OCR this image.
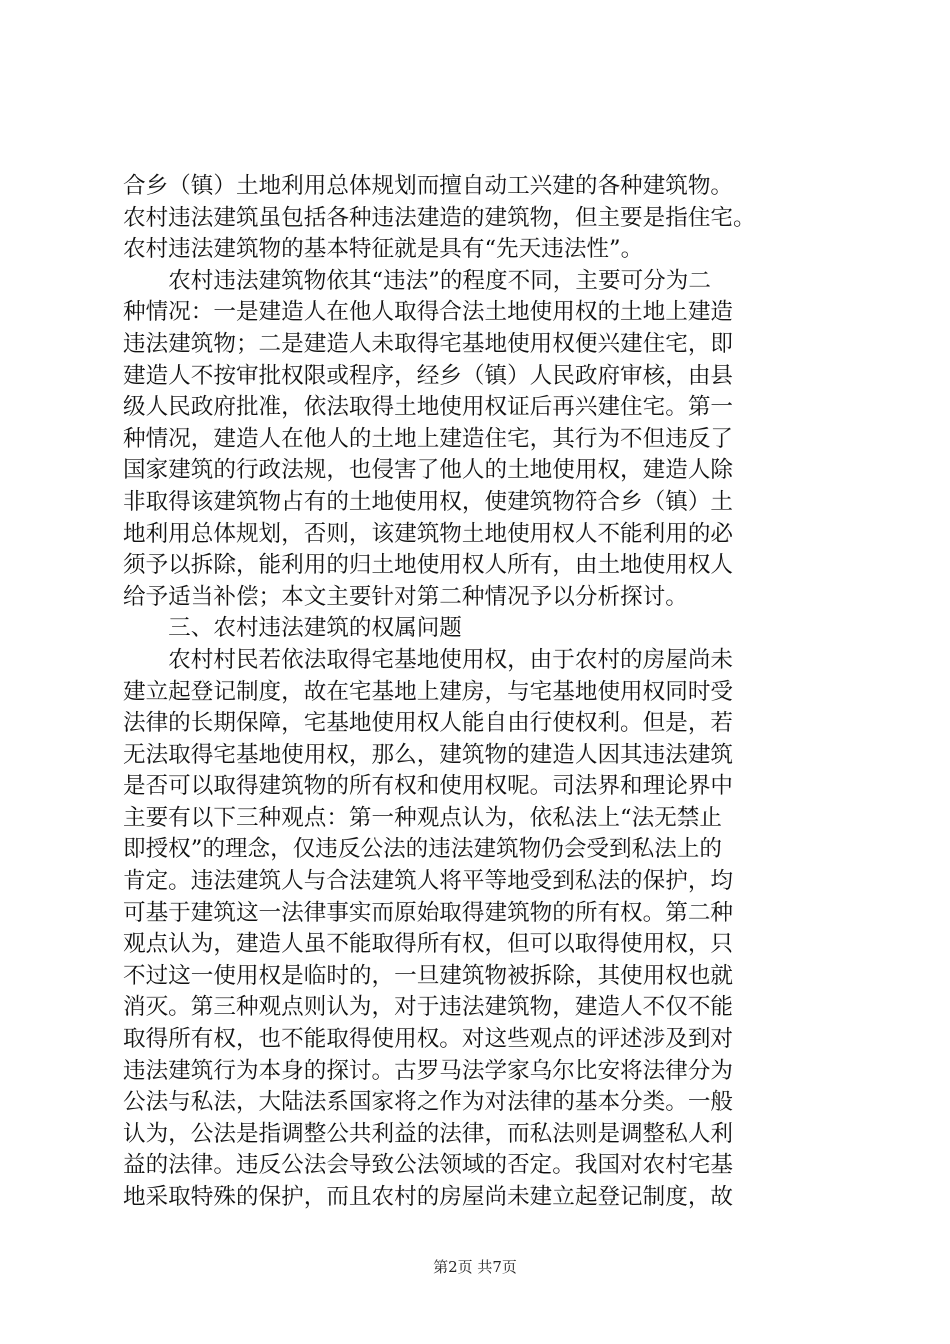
合乡（镇）土地利用总体规划而擅自动工兴建的各种建筑物。
农村违法建筑虽包括各种违法建造的建筑物，但主要是指住宅。
农村违法建筑物的基本特征就是具有“先天违法性”。
　　农村违法建筑物依其“违法”的程度不同，主要可分为二
种情况：一是建造人在他人取得合法土地使用权的土地上建造
违法建筑物；二是建造人未取得宅基地使用权便兴建住宅，即
建造人不按审批权限或程序，经乡（镇）人民政府审核，由县
级人民政府批准，依法取得土地使用权证后再兴建住宅。第一
种情况，建造人在他人的土地上建造住宅，其行为不但违反了
国家建筑的行政法规，也侵害了他人的土地使用权，建造人除
非取得该建筑物占有的土地使用权，使建筑物符合乡（镇）土
地利用总体规划，否则，该建筑物土地使用权人不能利用的必
须予以拆除，能利用的归土地使用权人所有，由土地使用权人
给予适当补偿；本文主要针对第二种情况予以分析探讨。
　　三、农村违法建筑的权属问题
　　农村村民若依法取得宅基地使用权，由于农村的房屋尚未
建立起登记制度，故在宅基地上建房，与宅基地使用权同时受
法律的长期保障，宅基地使用权人能自由行使权利。但是，若
无法取得宅基地使用权，那么，建筑物的建造人因其违法建筑
是否可以取得建筑物的所有权和使用权呢。司法界和理论界中
主要有以下三种观点：第一种观点认为，依私法上“法无禁止
即授权”的理念，仅违反公法的违法建筑物仍会受到私法上的
肯定。违法建筑人与合法建筑人将平等地受到私法的保护，均
可基于建筑这一法律事实而原始取得建筑物的所有权。第二种
观点认为，建造人虽不能取得所有权，但可以取得使用权，只
不过这一使用权是临时的，一旦建筑物被拆除，其使用权也就
消灭。第三种观点则认为，对于违法建筑物，建造人不仅不能
取得所有权，也不能取得使用权。对这些观点的评述涉及到对
违法建筑行为本身的探讨。古罗马法学家乌尔比安将法律分为
公法与私法，大陆法系国家将之作为对法律的基本分类。一般
认为，公法是指调整公共利益的法律，而私法则是调整私人利
益的法律。违反公法会导致公法领域的否定。我国对农村宅基
地采取特殊的保护，而且农村的房屋尚未建立起登记制度，故
第2页 共7页
